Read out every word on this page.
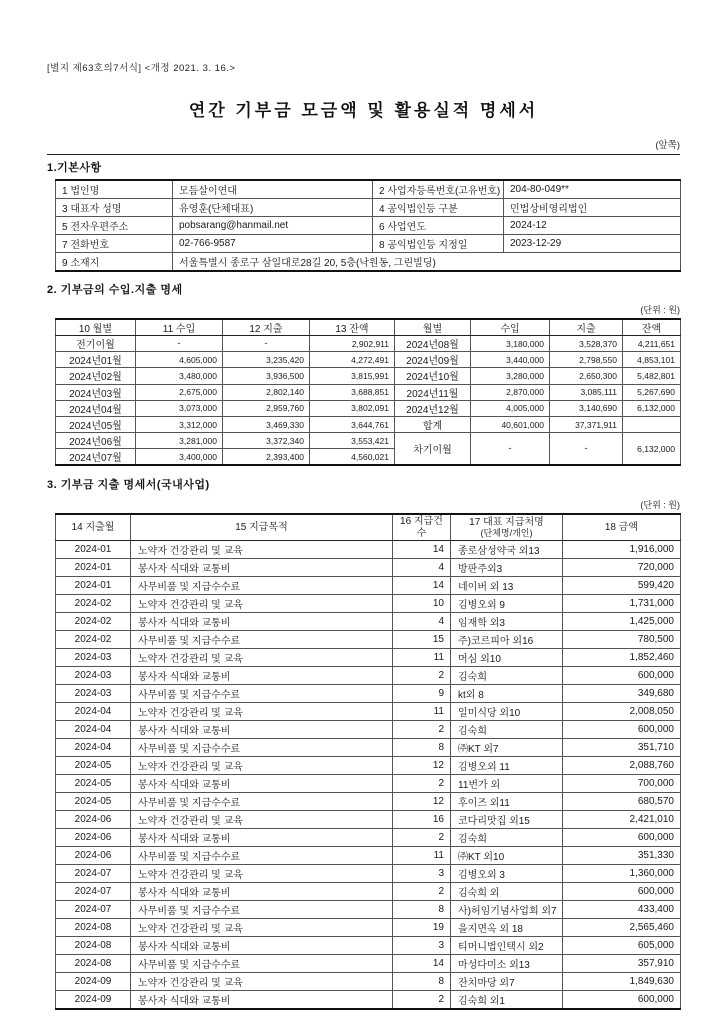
[별지 제63호의7서식] <개정 2021. 3. 16.>
연간 기부금 모금액 및 활용실적 명세서
(앞쪽)
1.기본사항
1 법인명	모듬살이연대	2 사업자등록번호(고유번호)	204-80-049**
3 대표자 성명	유영훈(단체대표)	4 공익법인등 구분	민법상비영리법인
5 전자우편주소	pobsarang@hanmail.net	6 사업연도	2024-12
7 전화번호	02-766-9587	8 공익법인등 지정일	2023-12-29
9 소재지	서울특별시 종로구 삼일대로28길 20, 5층(낙원동, 그린빌딩)		
2. 기부금의 수입.지출 명세
(단위 : 원)
10 월별	11 수입	12 지출	13 잔액	월별	수입	지출	잔액
전기이월	-	-	2,902,911	2024년08월	3,180,000	3,528,370	4,211,651
2024년01월	4,605,000	3,235,420	4,272,491	2024년09월	3,440,000	2,798,550	4,853,101
2024년02월	3,480,000	3,936,500	3,815,991	2024년10월	3,280,000	2,650,300	5,482,801
2024년03월	2,675,000	2,802,140	3,688,851	2024년11월	2,870,000	3,085,111	5,267,690
2024년04월	3,073,000	2,959,760	3,802,091	2024년12월	4,005,000	3,140,690	6,132,000
2024년05월	3,312,000	3,469,330	3,644,761	합계	40,601,000	37,371,911	
2024년06월	3,281,000	3,372,340	3,553,421	차기이월	-	-	6,132,000
2024년07월	3,400,000	2,393,400	4,560,021				
3. 기부금 지출 명세서(국내사업)
(단위 : 원)
14 지출월	15 지급목적	16 지급건수	17 대표 지급처명
(단체명/개인)	18 금액
2024-01	노약자 건강관리 및 교육	14	종로삼성약국 외13	1,916,000
2024-01	봉사자 식대와 교통비	4	방판주외3	720,000
2024-01	사무비품 및 지급수수료	14	네이버 외 13	599,420
2024-02	노약자 건강관리 및 교육	10	김병오외 9	1,731,000
2024-02	봉사자 식대와 교통비	4	임재학 외3	1,425,000
2024-02	사무비품 및 지급수수료	15	주)코르피아 외16	780,500
2024-03	노약자 건강관리 및 교육	11	머심 외10	1,852,460
2024-03	봉사자 식대와 교통비	2	김숙희	600,000
2024-03	사무비품 및 지급수수료	9	kt외 8	349,680
2024-04	노약자 건강관리 및 교육	11	일미식당 외10	2,008,050
2024-04	봉사자 식대와 교통비	2	김숙희	600,000
2024-04	사무비품 및 지급수수료	8	㈜KT 외7	351,710
2024-05	노약자 건강관리 및 교육	12	김병오외 11	2,088,760
2024-05	봉사자 식대와 교통비	2	11번가 외	700,000
2024-05	사무비품 및 지급수수료	12	후이즈 외11	680,570
2024-06	노약자 건강관리 및 교육	16	코다리맛집 외15	2,421,010
2024-06	봉사자 식대와 교통비	2	김숙희	600,000
2024-06	사무비품 및 지급수수료	11	㈜KT 외10	351,330
2024-07	노약자 건강관리 및 교육	3	김병오외 3	1,360,000
2024-07	봉사자 식대와 교통비	2	김숙희 외	600,000
2024-07	사무비품 및 지급수수료	8	사)허임기념사업회 외7	433,400
2024-08	노약자 건강관리 및 교육	19	을지면옥 외 18	2,565,460
2024-08	봉사자 식대와 교통비	3	티머니법인택시 외2	605,000
2024-08	사무비품 및 지급수수료	14	마성다미소 외13	357,910
2024-09	노약자 건강관리 및 교육	8	잔치마당 외7	1,849,630
2024-09	봉사자 식대와 교통비	2	김숙희 외1	600,000
